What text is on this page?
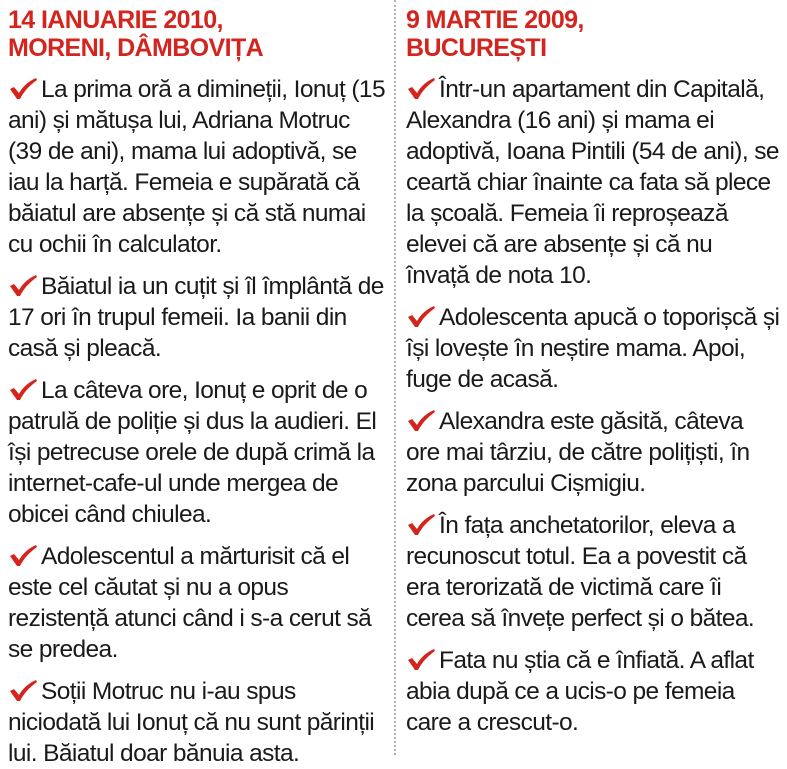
14 IANUARIE 2010,
MORENI, DÂMBOVIȚA
La prima oră a dimineții, Ionuț (15 ani) și mătușa lui, Adriana Motruc (39 de ani), mama lui adoptivă, se iau la harță. Femeia e supărată că băiatul are absențe și că stă numai cu ochii în calculator.
Băiatul ia un cuțit și îl împlântă de 17 ori în trupul femeii. Ia banii din casă și pleacă.
La câteva ore, Ionuț e oprit de o patrulă de poliție și dus la audieri. El își petrecuse orele de după crimă la internet-cafe-ul unde mergea de obicei când chiulea.
Adolescentul a mărturisit că el este cel căutat și nu a opus rezistență atunci când i s-a cerut să se predea.
Soții Motruc nu i-au spus niciodată lui Ionuț că nu sunt părinții lui. Băiatul doar bănuia asta.
9 MARTIE 2009,
BUCUREȘTI
Într-un apartament din Capitală, Alexandra (16 ani) și mama ei adoptivă, Ioana Pintili (54 de ani), se ceartă chiar înainte ca fata să plece la școală. Femeia îi reproșează elevei că are absențe și că nu învață de nota 10.
Adolescenta apucă o toporișcă și își lovește în neștire mama. Apoi, fuge de acasă.
Alexandra este găsită, câteva ore mai târziu, de către polițiști, în zona parcului Cișmigiu.
În fața anchetatorilor, eleva a recunoscut totul. Ea a povestit că era terorizată de victimă care îi cerea să învețe perfect și o bătea.
Fata nu știa că e înfiată. A aflat abia după ce a ucis-o pe femeia care a crescut-o.
